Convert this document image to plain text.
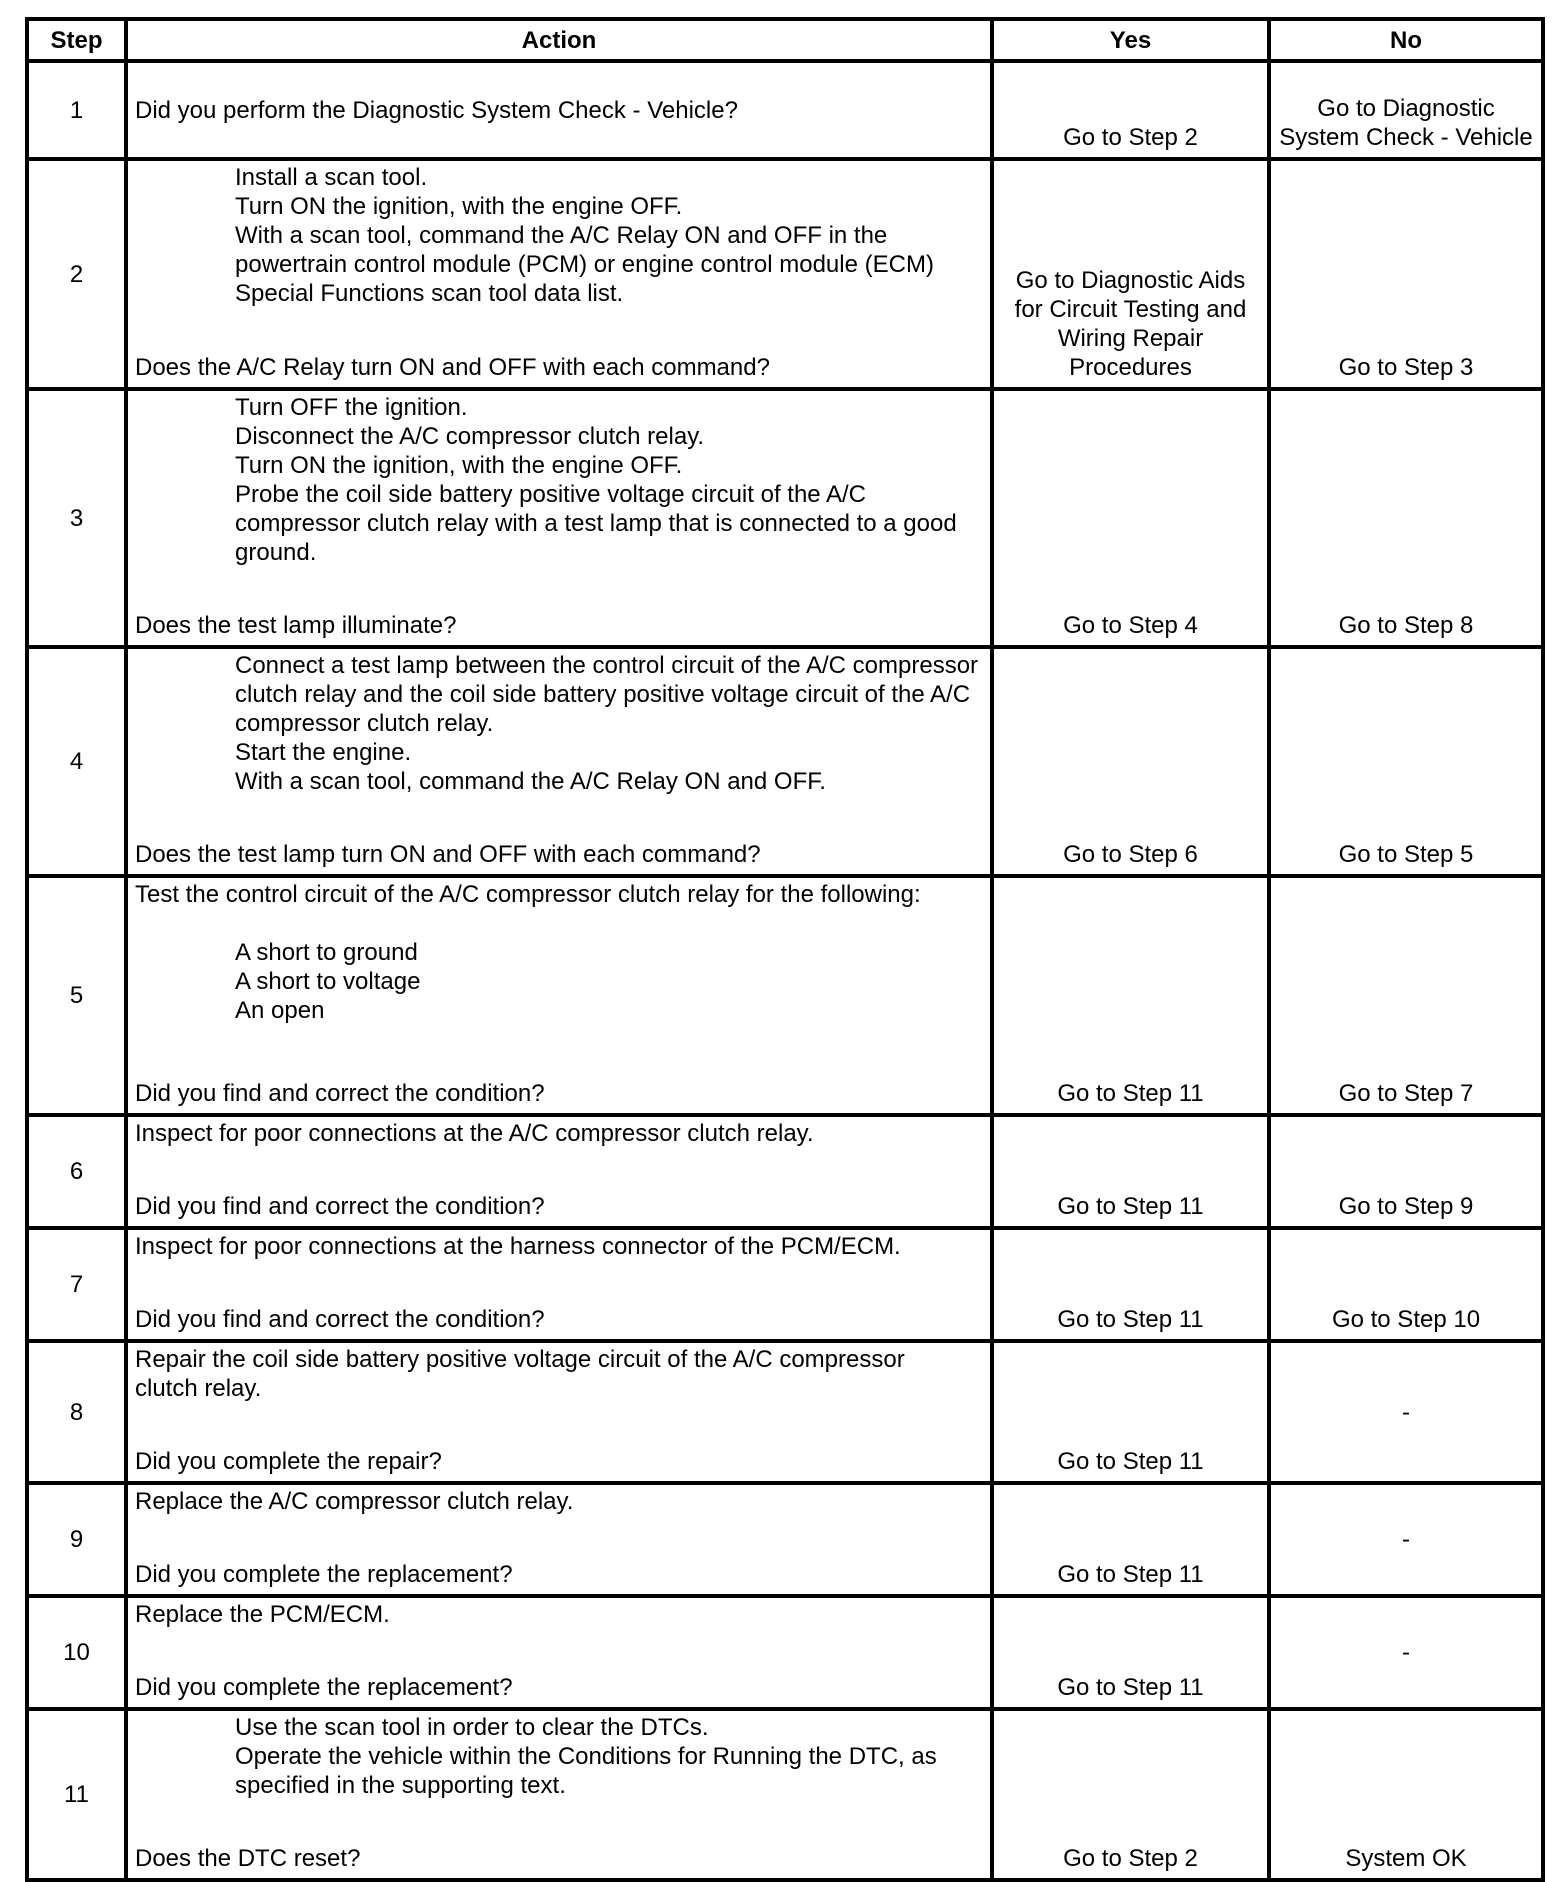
Step	Action	Yes	No
1	Did you perform the Diagnostic System Check - Vehicle?	Go to Step 2	Go to Diagnostic System Check - Vehicle
2	Install a scan tool.
Turn ON the ignition, with the engine OFF.
With a scan tool, command the A/C Relay ON and OFF in the powertrain control module (PCM) or engine control module (ECM) Special Functions scan tool data list.
Does the A/C Relay turn ON and OFF with each command?	Go to Diagnostic Aids for Circuit Testing and Wiring Repair Procedures	Go to Step 3
3	Turn OFF the ignition.
Disconnect the A/C compressor clutch relay.
Turn ON the ignition, with the engine OFF.
Probe the coil side battery positive voltage circuit of the A/C compressor clutch relay with a test lamp that is connected to a good ground.
Does the test lamp illuminate?	Go to Step 4	Go to Step 8
4	Connect a test lamp between the control circuit of the A/C compressor clutch relay and the coil side battery positive voltage circuit of the A/C compressor clutch relay.
Start the engine.
With a scan tool, command the A/C Relay ON and OFF.
Does the test lamp turn ON and OFF with each command?	Go to Step 6	Go to Step 5
5	Test the control circuit of the A/C compressor clutch relay for the following:
A short to ground
A short to voltage
An open
Did you find and correct the condition?	Go to Step 11	Go to Step 7
6	Inspect for poor connections at the A/C compressor clutch relay.
Did you find and correct the condition?	Go to Step 11	Go to Step 9
7	Inspect for poor connections at the harness connector of the PCM/ECM.
Did you find and correct the condition?	Go to Step 11	Go to Step 10
8	Repair the coil side battery positive voltage circuit of the A/C compressor clutch relay.
Did you complete the repair?	Go to Step 11	-
9	Replace the A/C compressor clutch relay.
Did you complete the replacement?	Go to Step 11	-
10	Replace the PCM/ECM.
Did you complete the replacement?	Go to Step 11	-
11	Use the scan tool in order to clear the DTCs.
Operate the vehicle within the Conditions for Running the DTC, as specified in the supporting text.
Does the DTC reset?	Go to Step 2	System OK
